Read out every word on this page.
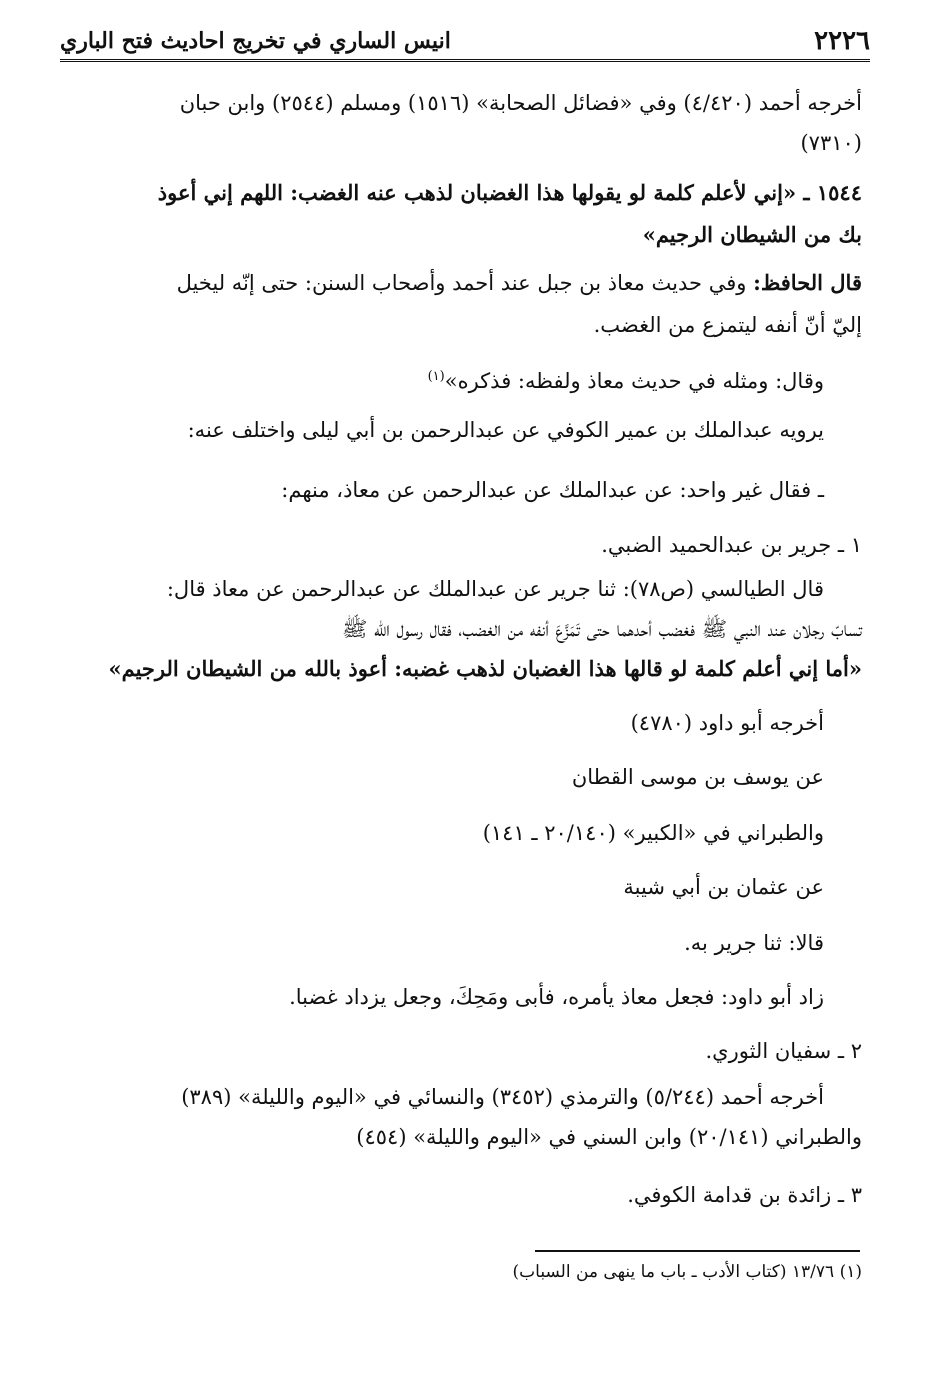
٢٢٢٦
انيس الساري في تخريج احاديث فتح الباري
أخرجه أحمد (٤/٤٢٠) وفي «فضائل الصحابة» (١٥١٦) ومسلم (٢٥٤٤) وابن حبان
(٧٣١٠)
١٥٤٤ ـ «إني لأعلم كلمة لو يقولها هذا الغضبان لذهب عنه الغضب: اللهم إني أعوذ
بك من الشيطان الرجيم»
قال الحافظ: وفي حديث معاذ بن جبل عند أحمد وأصحاب السنن: حتى إنّه ليخيل
إليّ أنّ أنفه ليتمزع من الغضب.
وقال: ومثله في حديث معاذ ولفظه: فذكره»$^{(١)}$
يرويه عبدالملك بن عمير الكوفي عن عبدالرحمن بن أبي ليلى واختلف عنه:
ـ فقال غير واحد: عن عبدالملك عن عبدالرحمن عن معاذ، منهم:
١ ـ جرير بن عبدالحميد الضبي.
قال الطيالسي (ص٧٨): ثنا جرير عن عبدالملك عن عبدالرحمن عن معاذ قال:
تسابّ رجلان عند النبي ﷺ فغضب أحدهما حتى تَمَزَّعَ أنفه من الغضب، فقال رسول الله ﷺ
«أما إني أعلم كلمة لو قالها هذا الغضبان لذهب غضبه: أعوذ بالله من الشيطان الرجيم»
أخرجه أبو داود (٤٧٨٠)
عن يوسف بن موسى القطان
والطبراني في «الكبير» (٢٠/١٤٠ ـ ١٤١)
عن عثمان بن أبي شيبة
قالا: ثنا جرير به.
زاد أبو داود: فجعل معاذ يأمره، فأبى ومَحِكَ، وجعل يزداد غضبا.
٢ ـ سفيان الثوري.
أخرجه أحمد (٥/٢٤٤) والترمذي (٣٤٥٢) والنسائي في «اليوم والليلة» (٣٨٩)
والطبراني (٢٠/١٤١) وابن السني في «اليوم والليلة» (٤٥٤)
٣ ـ زائدة بن قدامة الكوفي.
(١) ١٣/٧٦ (كتاب الأدب ـ باب ما ينهى من السباب)
